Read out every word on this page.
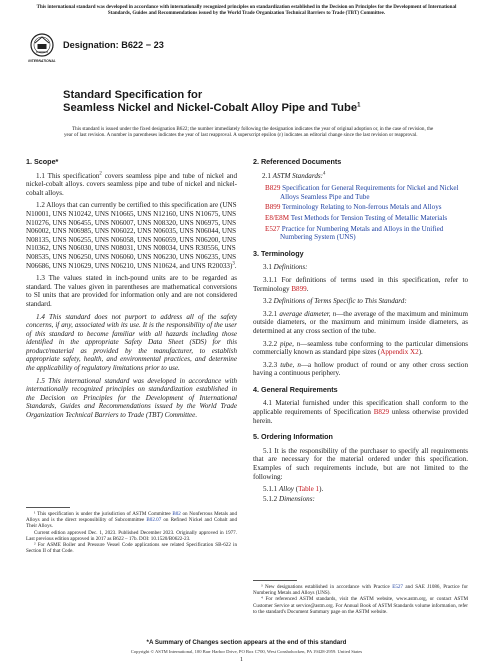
This international standard was developed in accordance with internationally recognized principles on standardization established in the Decision on Principles for the Development of International Standards, Guides and Recommendations issued by the World Trade Organization Technical Barriers to Trade (TBT) Committee.
INTERNATIONAL
Designation: B622 − 23
Standard Specification for
Seamless Nickel and Nickel-Cobalt Alloy Pipe and Tube$^1$
This standard is issued under the fixed designation B622; the number immediately following the designation indicates the year of original adoption or, in the case of revision, the year of last revision. A number in parentheses indicates the year of last reapproval. A superscript epsilon (ε) indicates an editorial change since the last revision or reapproval.
1. Scope*

1.1 This specification$^2$ covers seamless pipe and tube of nickel and nickel-cobalt alloys. covers seamless pipe and tube of nickel and nickel-cobalt alloys.

1.2 Alloys that can currently be certified to this specification are (UNS N10001, UNS N10242, UNS N10665, UNS N12160, UNS N10675, UNS N10276, UNS N06455, UNS N06007, UNS N08320, UNS N06975, UNS N06002, UNS N06985, UNS N06022, UNS N06035, UNS N06044, UNS N08135, UNS N06255, UNS N06058, UNS N06059, UNS N06200, UNS N10362, UNS N06030, UNS N08031, UNS N08034, UNS R30556, UNS N08535, UNS N06250, UNS N06060, UNS N06230, UNS N06235, UNS N06686, UNS N10629, UNS N06210, UNS N10624, and UNS R20033)$^3$.

1.3 The values stated in inch-pound units are to be regarded as standard. The values given in parentheses are mathematical conversions to SI units that are provided for information only and are not considered standard.

1.4 This standard does not purport to address all of the safety concerns, if any, associated with its use. It is the responsibility of the user of this standard to become familiar with all hazards including those identified in the appropriate Safety Data Sheet (SDS) for this product/material as provided by the manufacturer, to establish appropriate safety, health, and environmental practices, and determine the applicability of regulatory limitations prior to use.

1.5 This international standard was developed in accordance with internationally recognized principles on standardization established in the Decision on Principles for the Development of International Standards, Guides and Recommendations issued by the World Trade Organization Technical Barriers to Trade (TBT) Committee.

¹ This specification is under the jurisdiction of ASTM Committee B02 on Nonferrous Metals and Alloys and is the direct responsibility of Subcommittee B02.07 on Refined Nickel and Cobalt and Their Alloys.
Current edition approved Dec. 1, 2023. Published December 2023. Originally approved in 1977. Last previous edition approved in 2017 as B622 – 17b. DOI: 10.1520/B0622-23.
² For ASME Boiler and Pressure Vessel Code applications see related Specification SB-622 in Section II of that Code.
2. Referenced Documents

2.1 ASTM Standards:$^4$

B829 Specification for General Requirements for Nickel and Nickel Alloys Seamless Pipe and Tube
B899 Terminology Relating to Non-ferrous Metals and Alloys
E8/E8M Test Methods for Tension Testing of Metallic Materials
E527 Practice for Numbering Metals and Alloys in the Unified Numbering System (UNS)
3. Terminology

3.1 Definitions:

3.1.1 For definitions of terms used in this specification, refer to Terminology B899.

3.2 Definitions of Terms Specific to This Standard:

3.2.1 average diameter, n—the average of the maximum and minimum outside diameters, or the maximum and minimum inside diameters, as determined at any cross section of the tube.

3.2.2 pipe, n—seamless tube conforming to the particular dimensions commercially known as standard pipe sizes (Appendix X2).

3.2.3 tube, n—a hollow product of round or any other cross section having a continuous periphery.

4. General Requirements

4.1 Material furnished under this specification shall conform to the applicable requirements of Specification B829 unless otherwise provided herein.

5. Ordering Information

5.1 It is the responsibility of the purchaser to specify all requirements that are necessary for the material ordered under this specification. Examples of such requirements include, but are not limited to the following:

5.1.1 Alloy (Table 1).

5.1.2 Dimensions:

³ New designations established in accordance with Practice E527 and SAE J1086, Practice for Numbering Metals and Alloys (UNS).
⁴ For referenced ASTM standards, visit the ASTM website, www.astm.org, or contact ASTM Customer Service at service@astm.org. For Annual Book of ASTM Standards volume information, refer to the standard's Document Summary page on the ASTM website.
*A Summary of Changes section appears at the end of this standard
Copyright © ASTM International, 100 Barr Harbor Drive, PO Box C700, West Conshohocken, PA 19428-2959. United States
1
